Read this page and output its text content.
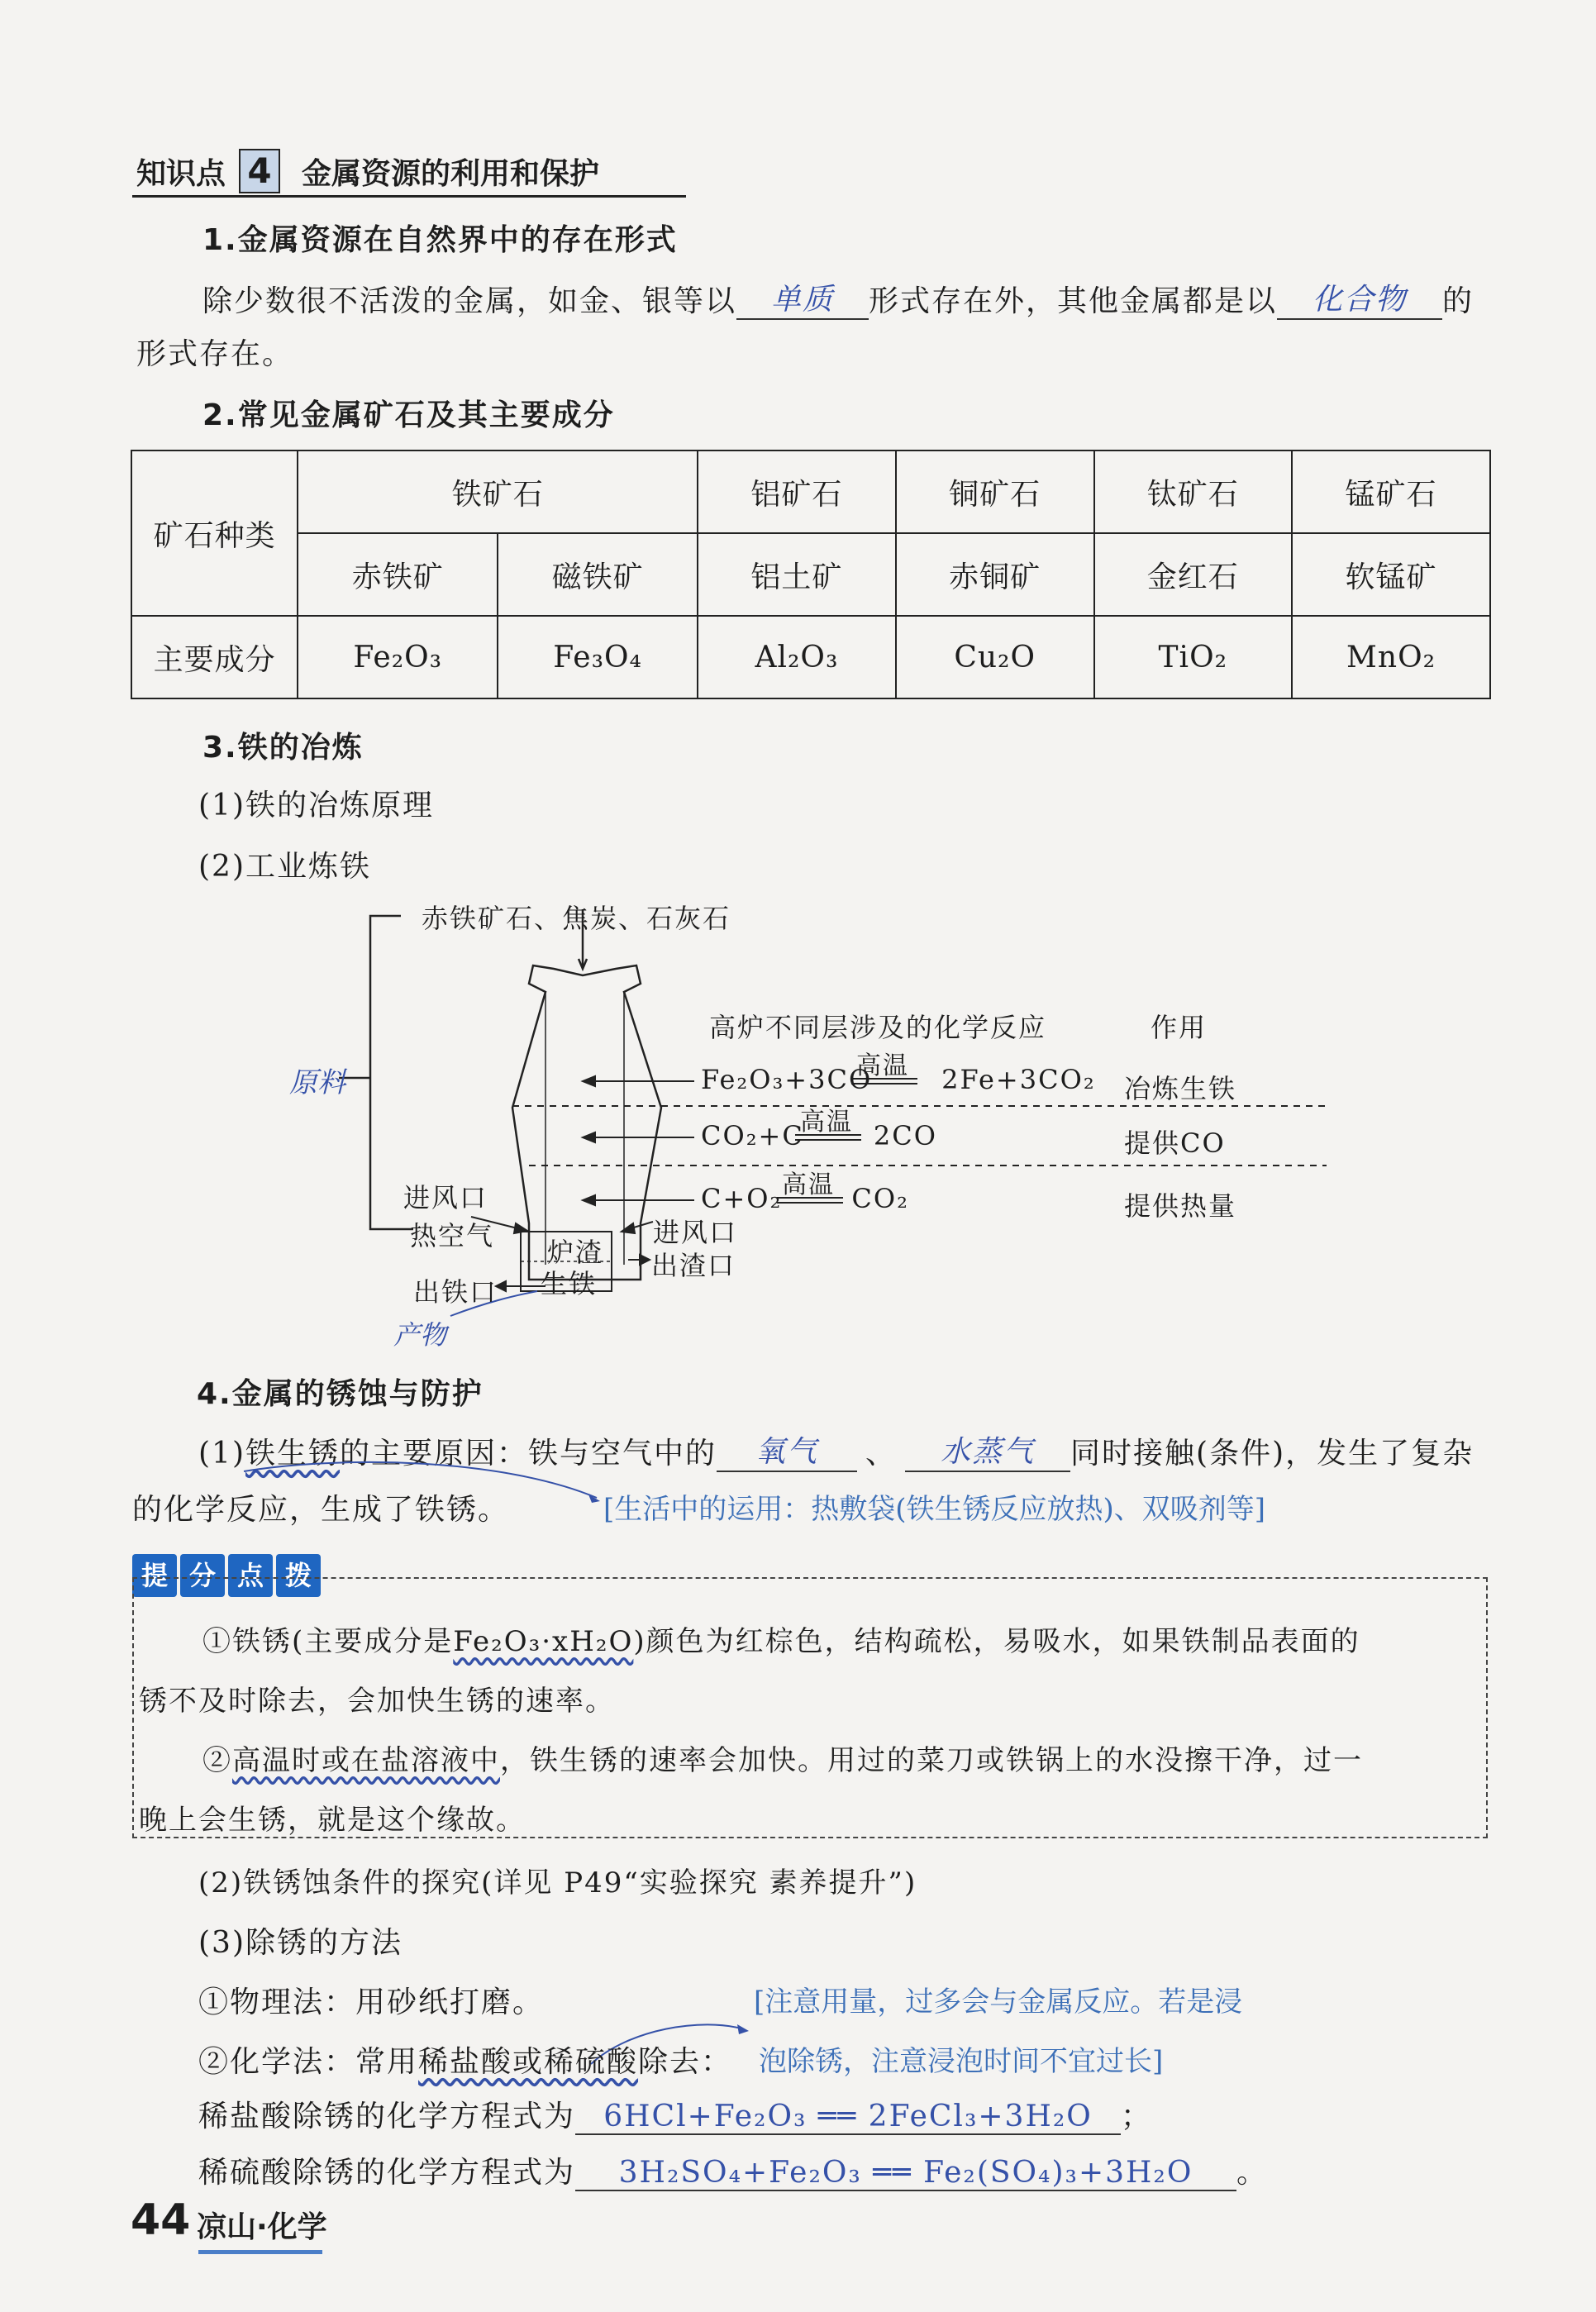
知识点 4 金属资源的利用和保护
1.金属资源在自然界中的存在形式
除少数很不活泼的金属，如金、银等以 单质 形式存在外，其他金属都是以 化合物 的
形式存在。
2.常见金属矿石及其主要成分
矿石种类	铁矿石		铝矿石	铜矿石	钛矿石	锰矿石
	赤铁矿	磁铁矿	铝土矿	赤铜矿	金红石	软锰矿
主要成分	Fe₂O₃	Fe₃O₄	Al₂O₃	Cu₂O	TiO₂	MnO₂
3.铁的冶炼
(1)铁的冶炼原理
(2)工业炼铁
赤铁矿石、焦炭、石灰石
原料
高炉不同层涉及的化学反应	作用
Fe₂O₃+3CO	2Fe+3CO₂
高温
冶炼生铁
CO₂+C	2CO
高温
提供CO
C+O₂	CO₂
高温
提供热量
进风口
热空气	进风口
炉渣 出渣口
出铁口 生铁
产物
4.金属的锈蚀与防护
(1)铁生锈的主要原因：铁与空气中的 氧气 、 水蒸气 同时接触(条件)，发生了复杂
的化学反应，生成了铁锈。	[生活中的运用：热敷袋(铁生锈反应放热)、双吸剂等]
提 分 点 拨
①铁锈(主要成分是Fe₂O₃·xH₂O)颜色为红棕色，结构疏松，易吸水，如果铁制品表面的
锈不及时除去，会加快生锈的速率。
②高温时或在盐溶液中，铁生锈的速率会加快。用过的菜刀或铁锅上的水没擦干净，过一
晚上会生锈，就是这个缘故。
(2)铁锈蚀条件的探究(详见 P49“实验探究 素养提升”)
(3)除锈的方法
①物理法：用砂纸打磨。	[注意用量，过多会与金属反应。若是浸
②化学法：常用稀盐酸或稀硫酸除去： 泡除锈，注意浸泡时间不宜过长]
稀盐酸除锈的化学方程式为 6HCl+Fe₂O₃ ══ 2FeCl₃+3H₂O ；
稀硫酸除锈的化学方程式为 3H₂SO₄+Fe₂O₃ ══ Fe₂(SO₄)₃+3H₂O 。
44 凉山·化学
